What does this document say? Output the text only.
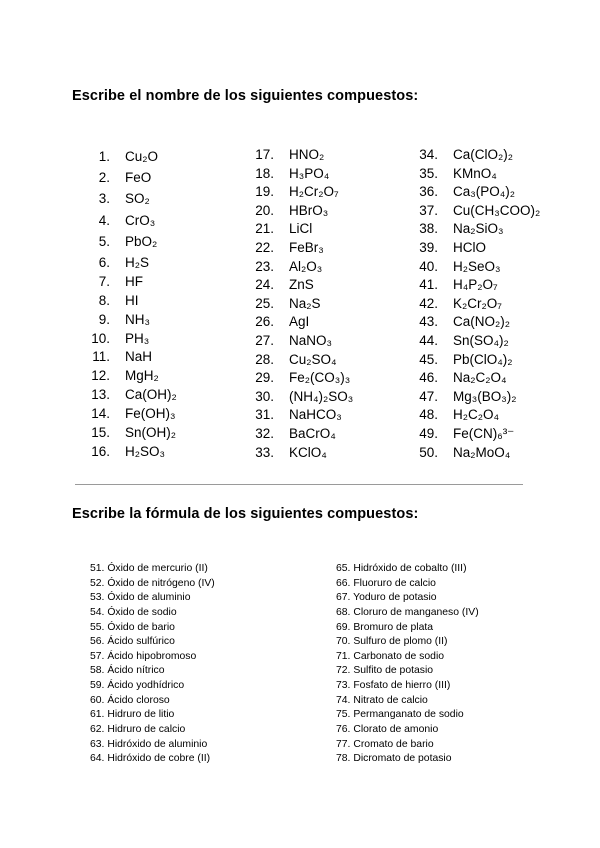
Escribe el nombre de los siguientes compuestos:
1. Cu₂O
2. FeO
3. SO₂
4. CrO₃
5. PbO₂
6. H₂S
7. HF
8. HI
9. NH₃
10. PH₃
11. NaH
12. MgH₂
13. Ca(OH)₂
14. Fe(OH)₃
15. Sn(OH)₂
16. H₂SO₃
17. HNO₂
18. H₃PO₄
19. H₂Cr₂O₇
20. HBrO₃
21. LiCl
22. FeBr₃
23. Al₂O₃
24. ZnS
25. Na₂S
26. AgI
27. NaNO₃
28. Cu₂SO₄
29. Fe₂(CO₃)₃
30. (NH₄)₂SO₃
31. NaHCO₃
32. BaCrO₄
33. KClO₄
34. Ca(ClO₂)₂
35. KMnO₄
36. Ca₃(PO₄)₂
37. Cu(CH₃COO)₂
38. Na₂SiO₃
39. HClO
40. H₂SeO₃
41. H₄P₂O₇
42. K₂Cr₂O₇
43. Ca(NO₂)₂
44. Sn(SO₄)₂
45. Pb(ClO₄)₂
46. Na₂C₂O₄
47. Mg₃(BO₃)₂
48. H₂C₂O₄
49. Fe(CN)₆³⁻
50. Na₂MoO₄
Escribe la fórmula de los siguientes compuestos:
51. Óxido de mercurio (II)
52. Óxido de nitrógeno (IV)
53. Óxido de aluminio
54. Óxido de sodio
55. Óxido de bario
56. Ácido sulfúrico
57. Ácido hipobromoso
58. Ácido nítrico
59. Ácido yodhídrico
60. Ácido cloroso
61. Hidruro de litio
62. Hidruro de calcio
63. Hidróxido de aluminio
64. Hidróxido de cobre (II)
65. Hidróxido de cobalto (III)
66. Fluoruro de calcio
67. Yoduro de potasio
68. Cloruro de manganeso (IV)
69. Bromuro de plata
70. Sulfuro de plomo (II)
71. Carbonato de sodio
72. Sulfito de potasio
73. Fosfato de hierro (III)
74. Nitrato de calcio
75. Permanganato de sodio
76. Clorato de amonio
77. Cromato de bario
78. Dicromato de potasio
